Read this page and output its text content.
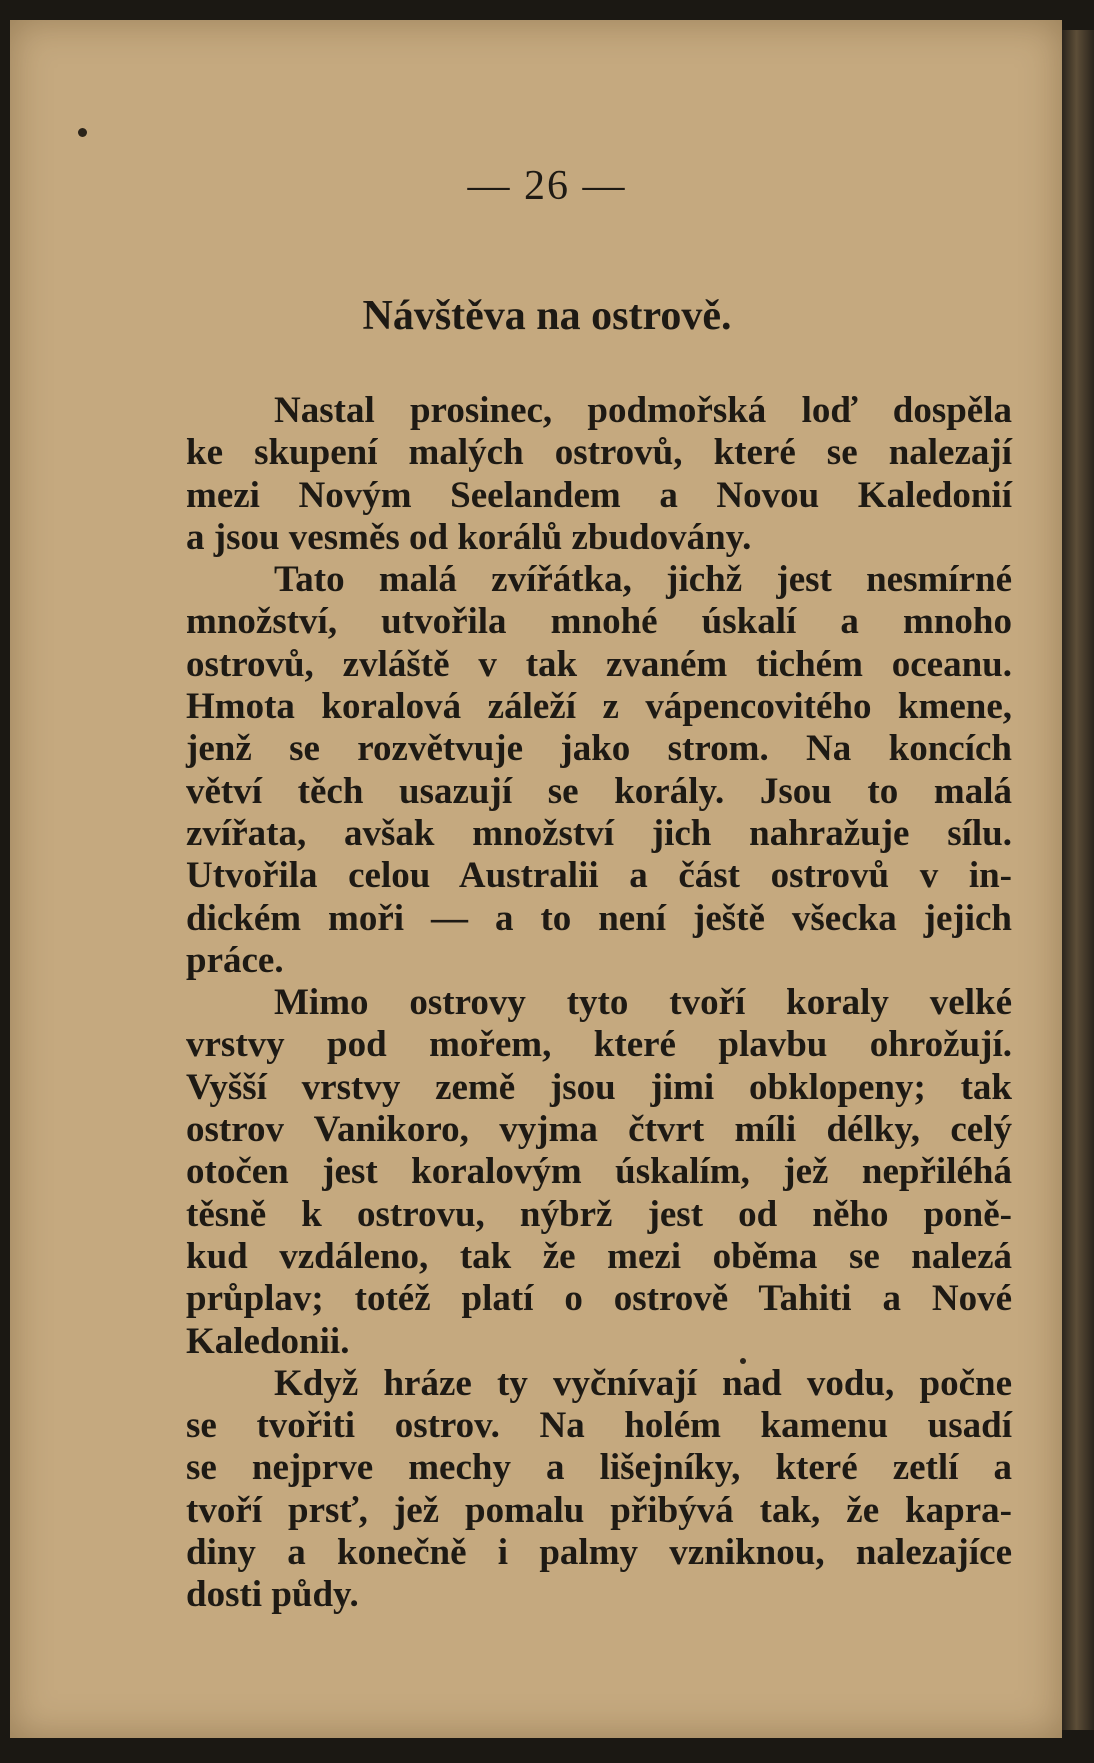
— 26 —
Návštěva na ostrově.
Nastal prosinec, podmořská loď dospěla
ke skupení malých ostrovů, které se nalezají
mezi Novým Seelandem a Novou Kaledonií
a jsou vesměs od korálů zbudovány.
Tato malá zvířátka, jichž jest nesmírné
množství, utvořila mnohé úskalí a mnoho
ostrovů, zvláště v tak zvaném tichém oceanu.
Hmota koralová záleží z vápencovitého kmene,
jenž se rozvětvuje jako strom. Na koncích
větví těch usazují se korály. Jsou to malá
zvířata, avšak množství jich nahražuje sílu.
Utvořila celou Australii a část ostrovů v in-
dickém moři — a to není ještě všecka jejich
práce.
Mimo ostrovy tyto tvoří koraly velké
vrstvy pod mořem, které plavbu ohrožují.
Vyšší vrstvy země jsou jimi obklopeny; tak
ostrov Vanikoro, vyjma čtvrt míli délky, celý
otočen jest koralovým úskalím, jež nepřiléhá
těsně k ostrovu, nýbrž jest od něho poně-
kud vzdáleno, tak že mezi oběma se nalezá
průplav; totéž platí o ostrově Tahiti a Nové
Kaledonii.
Když hráze ty vyčnívají nad vodu, počne
se tvořiti ostrov. Na holém kamenu usadí
se nejprve mechy a lišejníky, které zetlí a
tvoří prsť, jež pomalu přibývá tak, že kapra-
diny a konečně i palmy vzniknou, nalezajíce
dosti půdy.
